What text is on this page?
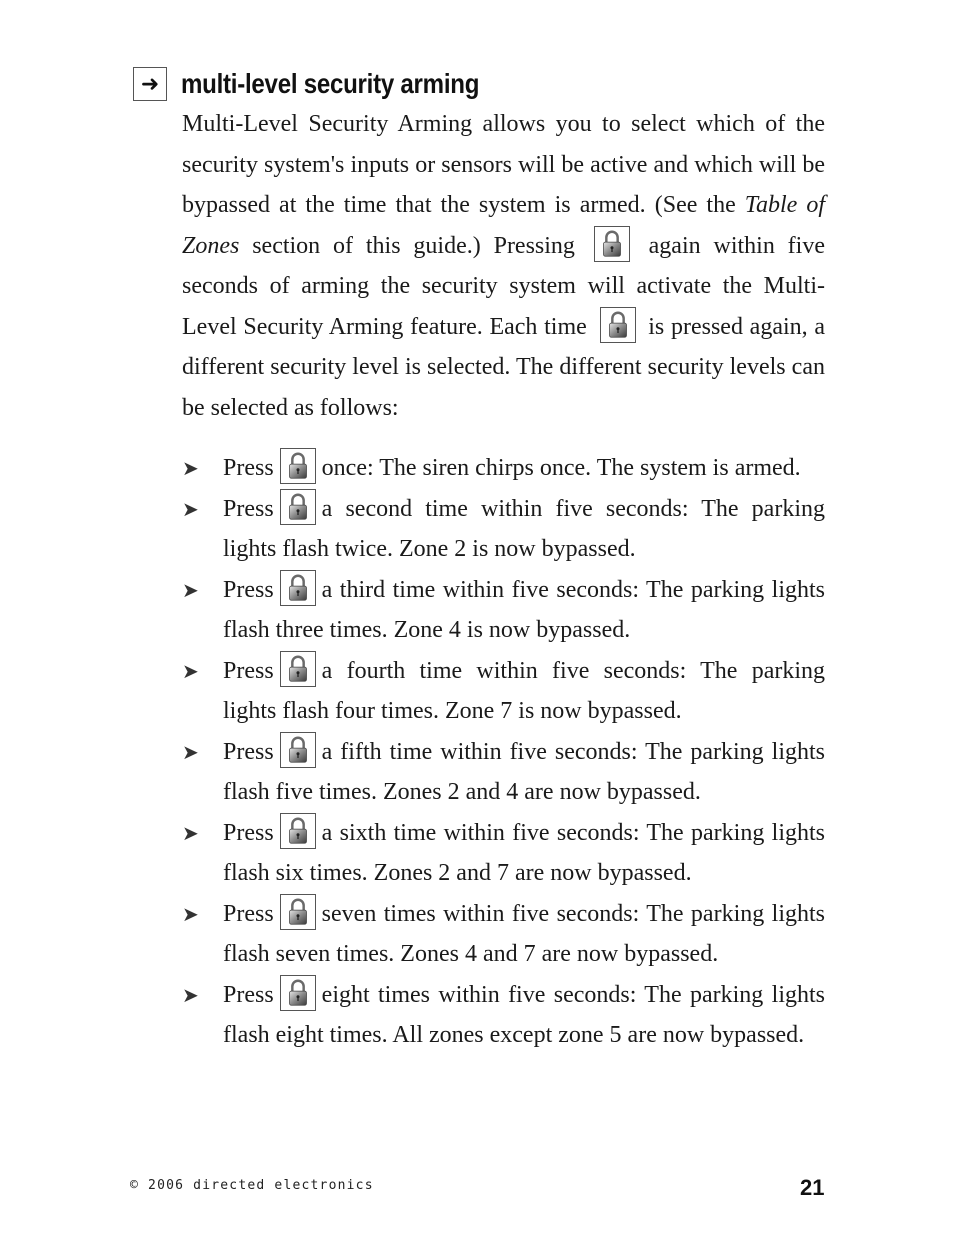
➜ multi-level security arming

Multi-Level Security Arming allows you to select which of the security system's inputs or sensors will be active and which will be bypassed at the time that the system is armed. (See the Table of Zones section of this guide.) Pressing
again within five seconds of arming the security system will activate the Multi-Level Security Arming feature. Each time
is pressed again, a different security level is selected. The different security levels can be selected as follows:

➤ Press once: The siren chirps once. The system is armed.

➤ Press a second time within five seconds: The parking lights flash twice. Zone 2 is now bypassed.

➤ Press a third time within five seconds: The parking lights flash three times. Zone 4 is now bypassed.

➤ Press a fourth time within five seconds: The parking lights flash four times. Zone 7 is now bypassed.

➤ Press a fifth time within five seconds: The parking lights flash five times. Zones 2 and 4 are now bypassed.

➤ Press a sixth time within five seconds: The parking lights flash six times. Zones 2 and 7 are now bypassed.

➤ Press seven times within five seconds: The parking lights flash seven times. Zones 4 and 7 are now bypassed.

➤ Press eight times within five seconds: The parking lights flash eight times. All zones except zone 5 are now bypassed.

© 2006 directed electronics	21
